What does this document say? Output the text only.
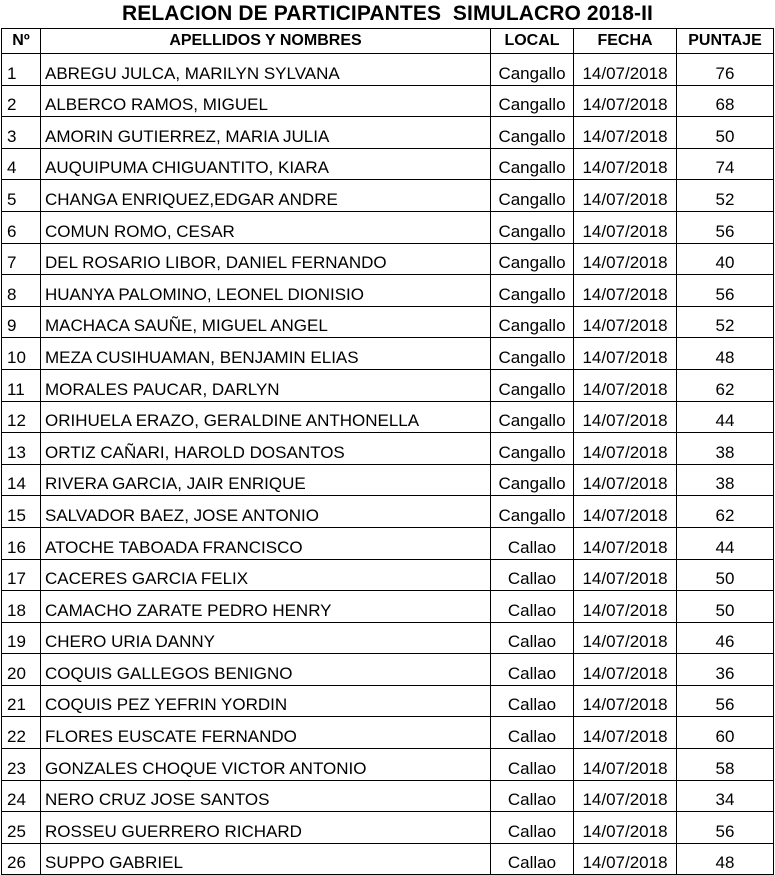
RELACION DE PARTICIPANTES  SIMULACRO 2018-II
Nº	APELLIDOS Y NOMBRES	LOCAL	FECHA	PUNTAJE
1	ABREGU JULCA, MARILYN SYLVANA	Cangallo	14/07/2018	76
2	ALBERCO RAMOS, MIGUEL	Cangallo	14/07/2018	68
3	AMORIN GUTIERREZ, MARIA JULIA	Cangallo	14/07/2018	50
4	AUQUIPUMA CHIGUANTITO, KIARA	Cangallo	14/07/2018	74
5	CHANGA ENRIQUEZ,EDGAR ANDRE	Cangallo	14/07/2018	52
6	COMUN ROMO, CESAR	Cangallo	14/07/2018	56
7	DEL ROSARIO LIBOR, DANIEL FERNANDO	Cangallo	14/07/2018	40
8	HUANYA PALOMINO, LEONEL DIONISIO	Cangallo	14/07/2018	56
9	MACHACA SAUÑE, MIGUEL ANGEL	Cangallo	14/07/2018	52
10	MEZA CUSIHUAMAN, BENJAMIN ELIAS	Cangallo	14/07/2018	48
11	MORALES PAUCAR, DARLYN	Cangallo	14/07/2018	62
12	ORIHUELA ERAZO, GERALDINE ANTHONELLA	Cangallo	14/07/2018	44
13	ORTIZ CAÑARI, HAROLD DOSANTOS	Cangallo	14/07/2018	38
14	RIVERA GARCIA, JAIR ENRIQUE	Cangallo	14/07/2018	38
15	SALVADOR BAEZ, JOSE ANTONIO	Cangallo	14/07/2018	62
16	ATOCHE TABOADA FRANCISCO	Callao	14/07/2018	44
17	CACERES GARCIA FELIX	Callao	14/07/2018	50
18	CAMACHO ZARATE PEDRO HENRY	Callao	14/07/2018	50
19	CHERO URIA DANNY	Callao	14/07/2018	46
20	COQUIS GALLEGOS BENIGNO	Callao	14/07/2018	36
21	COQUIS PEZ YEFRIN YORDIN	Callao	14/07/2018	56
22	FLORES EUSCATE FERNANDO	Callao	14/07/2018	60
23	GONZALES CHOQUE VICTOR ANTONIO	Callao	14/07/2018	58
24	NERO CRUZ JOSE SANTOS	Callao	14/07/2018	34
25	ROSSEU GUERRERO RICHARD	Callao	14/07/2018	56
26	SUPPO GABRIEL	Callao	14/07/2018	48
